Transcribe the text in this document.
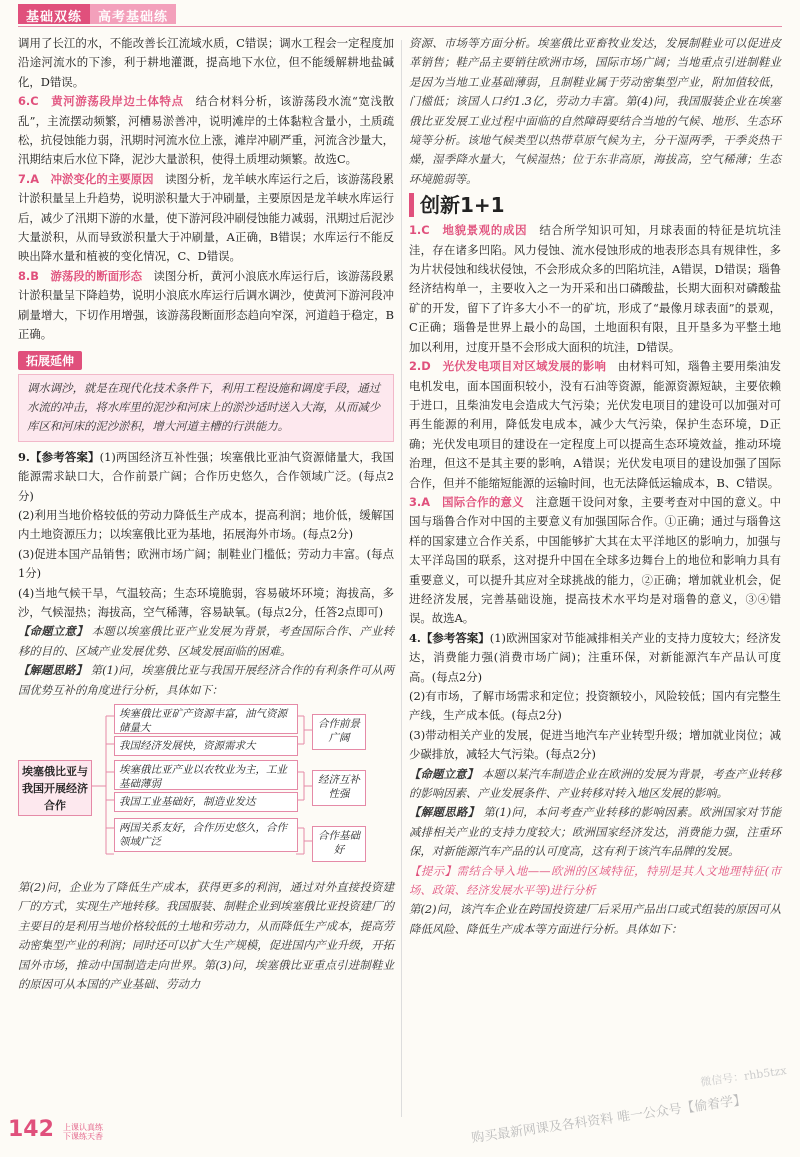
基础双练	高考基础练

调用了长江的水，不能改善长江流域水质，C错误；调水工程会一定程度加沿途河流水的下渗，利于耕地灌溉，提高地下水位，但不能缓解耕地盐碱化，D错误。

6.C　黄河游荡段岸边土体特点　 结合材料分析，该游荡段水流“宽浅散乱”，主流摆动频繁，河槽易淤善冲，说明滩岸的土体黏粒含量小，土质疏松，抗侵蚀能力弱，汛期时河流水位上涨，滩岸冲刷严重，河流含沙量大，汛期结束后水位下降，泥沙大量淤积，使得土质埋动频繁。故选C。

7.A　冲淤变化的主要原因　 读图分析，龙羊峡水库运行之后，该游荡段累计淤积量呈上升趋势，说明淤积量大于冲刷量，主要原因是龙羊峡水库运行后，减少了汛期下游的水量，使下游河段冲刷侵蚀能力减弱，汛期过后泥沙大量淤积，从而导致淤积量大于冲刷量，A正确，B错误；水库运行不能反映出降水量和植被的变化情况，C、D错误。

8.B　游荡段的断面形态　 读图分析，黄河小浪底水库运行后，该游荡段累计淤积量呈下降趋势，说明小浪底水库运行后调水调沙，使黄河下游河段冲刷量增大，下切作用增强，该游荡段断面形态趋向窄深，河道趋于稳定，B正确。

拓展延伸
调水调沙，就是在现代化技术条件下，利用工程设施和调度手段，通过水流的冲击，将水库里的泥沙和河床上的淤沙适时送入大海，从而减少库区和河床的泥沙淤积，增大河道主槽的行洪能力。

9.【参考答案】(1)两国经济互补性强；埃塞俄比亚油气资源储量大，我国能源需求缺口大，合作前景广阔；合作历史悠久，合作领域广泛。(每点2分)

(2)利用当地价格较低的劳动力降低生产成本，提高利润；地价低，缓解国内土地资源压力；以埃塞俄比亚为基地，拓展海外市场。(每点2分)

(3)促进本国产品销售；欧洲市场广阔；制鞋业门槛低；劳动力丰富。(每点1分)

(4)当地气候干旱，气温较高；生态环境脆弱，容易破坏环境；海拔高，多沙，气候湿热；海拔高，空气稀薄，容易缺氧。(每点2分，任答2点即可)

【命题立意】 本题以埃塞俄比亚产业发展为背景，考查国际合作、产业转移的目的、区域产业发展优势、区域发展面临的困难。

【解题思路】 第(1)问，埃塞俄比亚与我国开展经济合作的有利条件可从两国优势互补的角度进行分析，具体如下：

埃塞俄比亚与我国开展经济合作
埃塞俄比亚矿产资源丰富，油气资源储量大
我国经济发展快，资源需求大
埃塞俄比亚产业以农牧业为主，工业基础薄弱
我国工业基础好，制造业发达
两国关系友好，合作历史悠久，合作领域广泛
合作前景广阔
经济互补性强
合作基础好

第(2)问，企业为了降低生产成本，获得更多的利润，通过对外直接投资建厂的方式，实现生产地转移。我国服装、制鞋企业到埃塞俄比亚投资建厂的主要目的是利用当地价格较低的土地和劳动力，从而降低生产成本，提高劳动密集型产业的利润；同时还可以扩大生产规模，促进国内产业升级，开拓国外市场，推动中国制造走向世界。第(3)问，埃塞俄比亚重点引进制鞋业的原因可从本国的产业基础、劳动力

资源、市场等方面分析。埃塞俄比亚畜牧业发达，发展制鞋业可以促进皮革销售；鞋产品主要销往欧洲市场，国际市场广阔；当地重点引进制鞋业是因为当地工业基础薄弱，且制鞋业属于劳动密集型产业，附加值较低，门槛低；该国人口约1.3亿，劳动力丰富。第(4)问，我国服装企业在埃塞俄比亚发展工业过程中面临的自然障碍要结合当地的气候、地形、生态环境等分析。该地气候类型以热带草原气候为主，分干湿两季，干季炎热干燥，湿季降水量大，气候湿热；位于东非高原，海拔高，空气稀薄；生态环境脆弱等。

创新1+1

1.C　地貌景观的成因　 结合所学知识可知，月球表面的特征是坑坑洼洼，存在诸多凹陷。风力侵蚀、流水侵蚀形成的地表形态具有规律性，多为片状侵蚀和线状侵蚀，不会形成众多的凹陷坑洼，A错误，D错误；瑙鲁经济结构单一，主要收入之一为开采和出口磷酸盐，长期大面积对磷酸盐矿的开发，留下了许多大小不一的矿坑，形成了“最像月球表面”的景观，C正确；瑙鲁是世界上最小的岛国，土地面积有限，且开垦多为平整土地加以利用，过度开垦不会形成大面积的坑洼，D错误。

2.D　光伏发电项目对区域发展的影响　 由材料可知，瑙鲁主要用柴油发电机发电，面本国面积较小，没有石油等资源，能源资源短缺，主要依赖于进口，且柴油发电会造成大气污染；光伏发电项目的建设可以加强对可再生能源的利用，降低发电成本，减少大气污染，保护生态环境，D正确；光伏发电项目的建设在一定程度上可以提高生态环境效益，推动环境治理，但这不是其主要的影响，A错误；光伏发电项目的建设加强了国际合作，但并不能缩短能源的运输时间，也无法降低运输成本，B、C错误。

3.A　国际合作的意义　 注意题干设问对象，主要考查对中国的意义。中国与瑙鲁合作对中国的主要意义有加强国际合作。①正确；通过与瑙鲁这样的国家建立合作关系，中国能够扩大其在太平洋地区的影响力，加强与太平洋岛国的联系，这对提升中国在全球多边舞台上的地位和影响力具有重要意义，可以提升其应对全球挑战的能力，②正确；增加就业机会，促进经济发展，完善基础设施，提高技术水平均是对瑙鲁的意义，③④错误。故选A。

4.【参考答案】(1)欧洲国家对节能减排相关产业的支持力度较大；经济发达，消费能力强(消费市场广阔)；注重环保，对新能源汽车产品认可度高。(每点2分)

(2)有市场，了解市场需求和定位；投资额较小，风险较低；国内有完整生产线，生产成本低。(每点2分)

(3)带动相关产业的发展，促进当地汽车产业转型升级；增加就业岗位；减少碳排放，减轻大气污染。(每点2分)

【命题立意】 本题以某汽车制造企业在欧洲的发展为背景，考查产业转移的影响因素、产业发展条件、产业转移对转入地区发展的影响。

【解题思路】 第(1)问，本问考查产业转移的影响因素。欧洲国家对节能减排相关产业的支持力度较大；欧洲国家经济发达，消费能力强，注重环保，对新能源汽车产品的认可度高，这有利于该汽车品牌的发展。

【提示】需结合导入地——欧洲的区域特征，特别是其人文地理特征(市场、政策、经济发展水平等)进行分析

第(2)问，该汽车企业在跨国投资建厂后采用产品出口或式组装的原因可从降低风险、降低生产成本等方面进行分析。具体如下：

142 上课认真练
下课练天香	购买最新网课及各科资料 唯一公众号【偷着学】
微信号：rhb5tzx
